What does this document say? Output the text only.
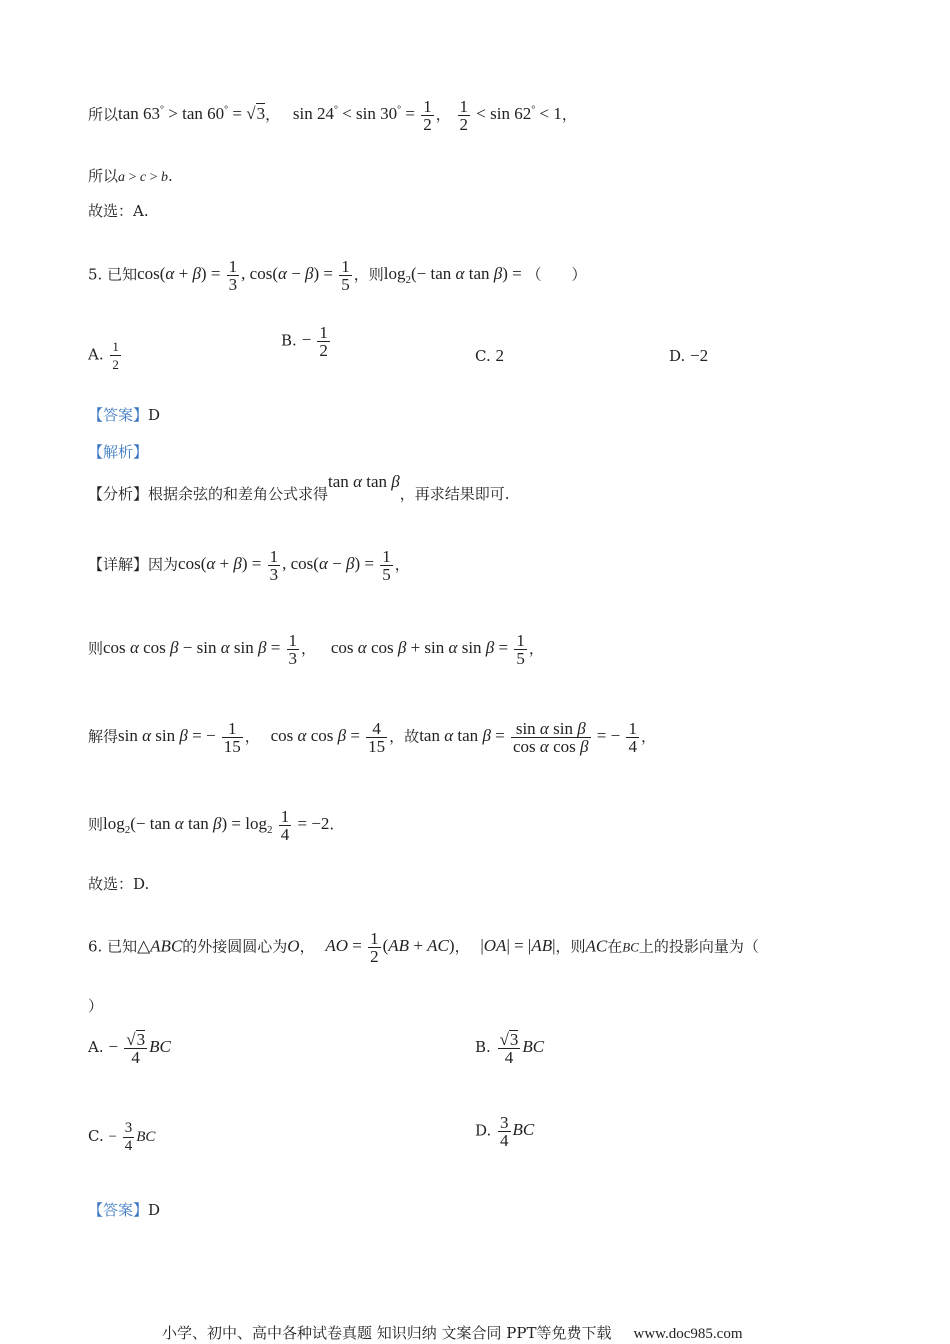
所以tan 63° > tan 60° = √3， $\sin 24^\circ < \sin 30^\circ = \frac{1}{2}$ ， $\frac{1}{2} < \sin 62^\circ < 1$，
所以a > c > b.
故选：A.
5. 已知$\cos(\alpha + \beta) = \frac{1}{3}$ , $\cos(\alpha - \beta) = \frac{1}{5}$ ，则$\log_2(- \tan \alpha$ tan β) = （　　）
A. $\frac{1}{2}$	B. − $\frac{1}{2}$	C. 2	D. −2
【答案】D
【解析】
【分析】根据余弦的和差角公式求得tan α tan β，再求结果即可.
【详解】因为$\cos(\alpha + \beta) = \frac{1}{3}$ , $\cos(\alpha - \beta) = \frac{1}{5}$ ，
则cos α cos β − sin α $\sin \beta = \frac{1}{3}$ ， cos α cos β + sin α $\sin \beta = \frac{1}{5}$ ，
解得sin α sin β = − $\frac{1}{15}$ ， cos α $\cos \beta = \frac{4}{15}$ ，故tan α $\tan \beta = \frac{\text{sin α sin β}}{\text{cos α cos β}}$ = − $\frac{1}{4}$ ，
则$\log_2(- \tan \alpha$ $\tan \beta) = \log_2 \frac{1}{4} = -2$.
故选：D.
6. 已知△ABC的外接圆圆心为O， AO = $\frac{1}{2} (AB + AC)$， |OA| = |AB|，则AC在BC上的投影向量为（
）
A. − $\frac{√3}{4}$ BC	B. $\frac{√3}{4}$ BC
C. − $\frac{3}{4}$ BC	D. $\frac{3}{4}$ BC
【答案】D
小学、初中、高中各种试卷真题 知识归纳 文案合同 PPT等免费下载 www.doc985.com
